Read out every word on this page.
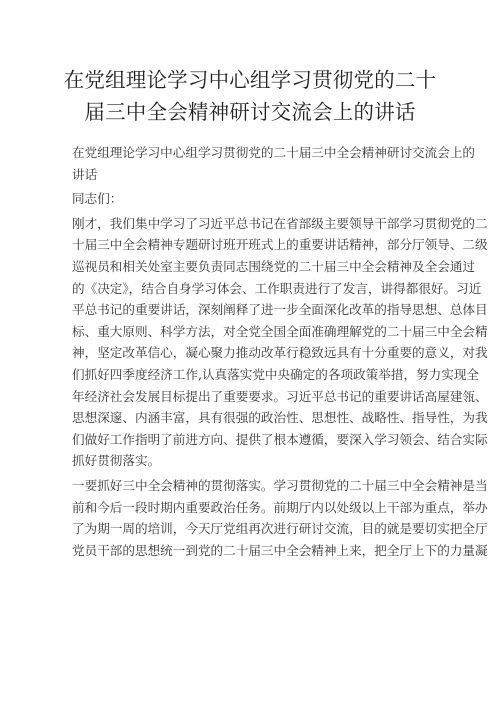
在党组理论学习中心组学习贯彻党的二十
届三中全会精神研讨交流会上的讲话

在党组理论学习中心组学习贯彻党的二十届三中全会精神研讨交流会上的
讲话

同志们：

刚才，我们集中学习了习近平总书记在省部级主要领导干部学习贯彻党的二
十届三中全会精神专题研讨班开班式上的重要讲话精神，部分厅领导、二级
巡视员和相关处室主要负责同志围绕党的二十届三中全会精神及全会通过
的《决定》，结合自身学习体会、工作职责进行了发言，讲得都很好。习近
平总书记的重要讲话，深刻阐释了进一步全面深化改革的指导思想、总体目
标、重大原则、科学方法，对全党全国全面准确理解党的二十届三中全会精
神，坚定改革信心，凝心聚力推动改革行稳致远具有十分重要的意义，对我
们抓好四季度经济工作,认真落实党中央确定的各项政策举措，努力实现全
年经济社会发展目标提出了重要要求。习近平总书记的重要讲话高屋建瓴、
思想深邃、内涵丰富，具有很强的政治性、思想性、战略性、指导性，为我
们做好工作指明了前进方向、提供了根本遵循，要深入学习领会、结合实际
抓好贯彻落实。

一要抓好三中全会精神的贯彻落实。学习贯彻党的二十届三中全会精神是当
前和今后一段时期内重要政治任务。前期厅内以处级以上干部为重点，举办
了为期一周的培训，今天厅党组再次进行研讨交流，目的就是要切实把全厅
党员干部的思想统一到党的二十届三中全会精神上来，把全厅上下的力量凝
